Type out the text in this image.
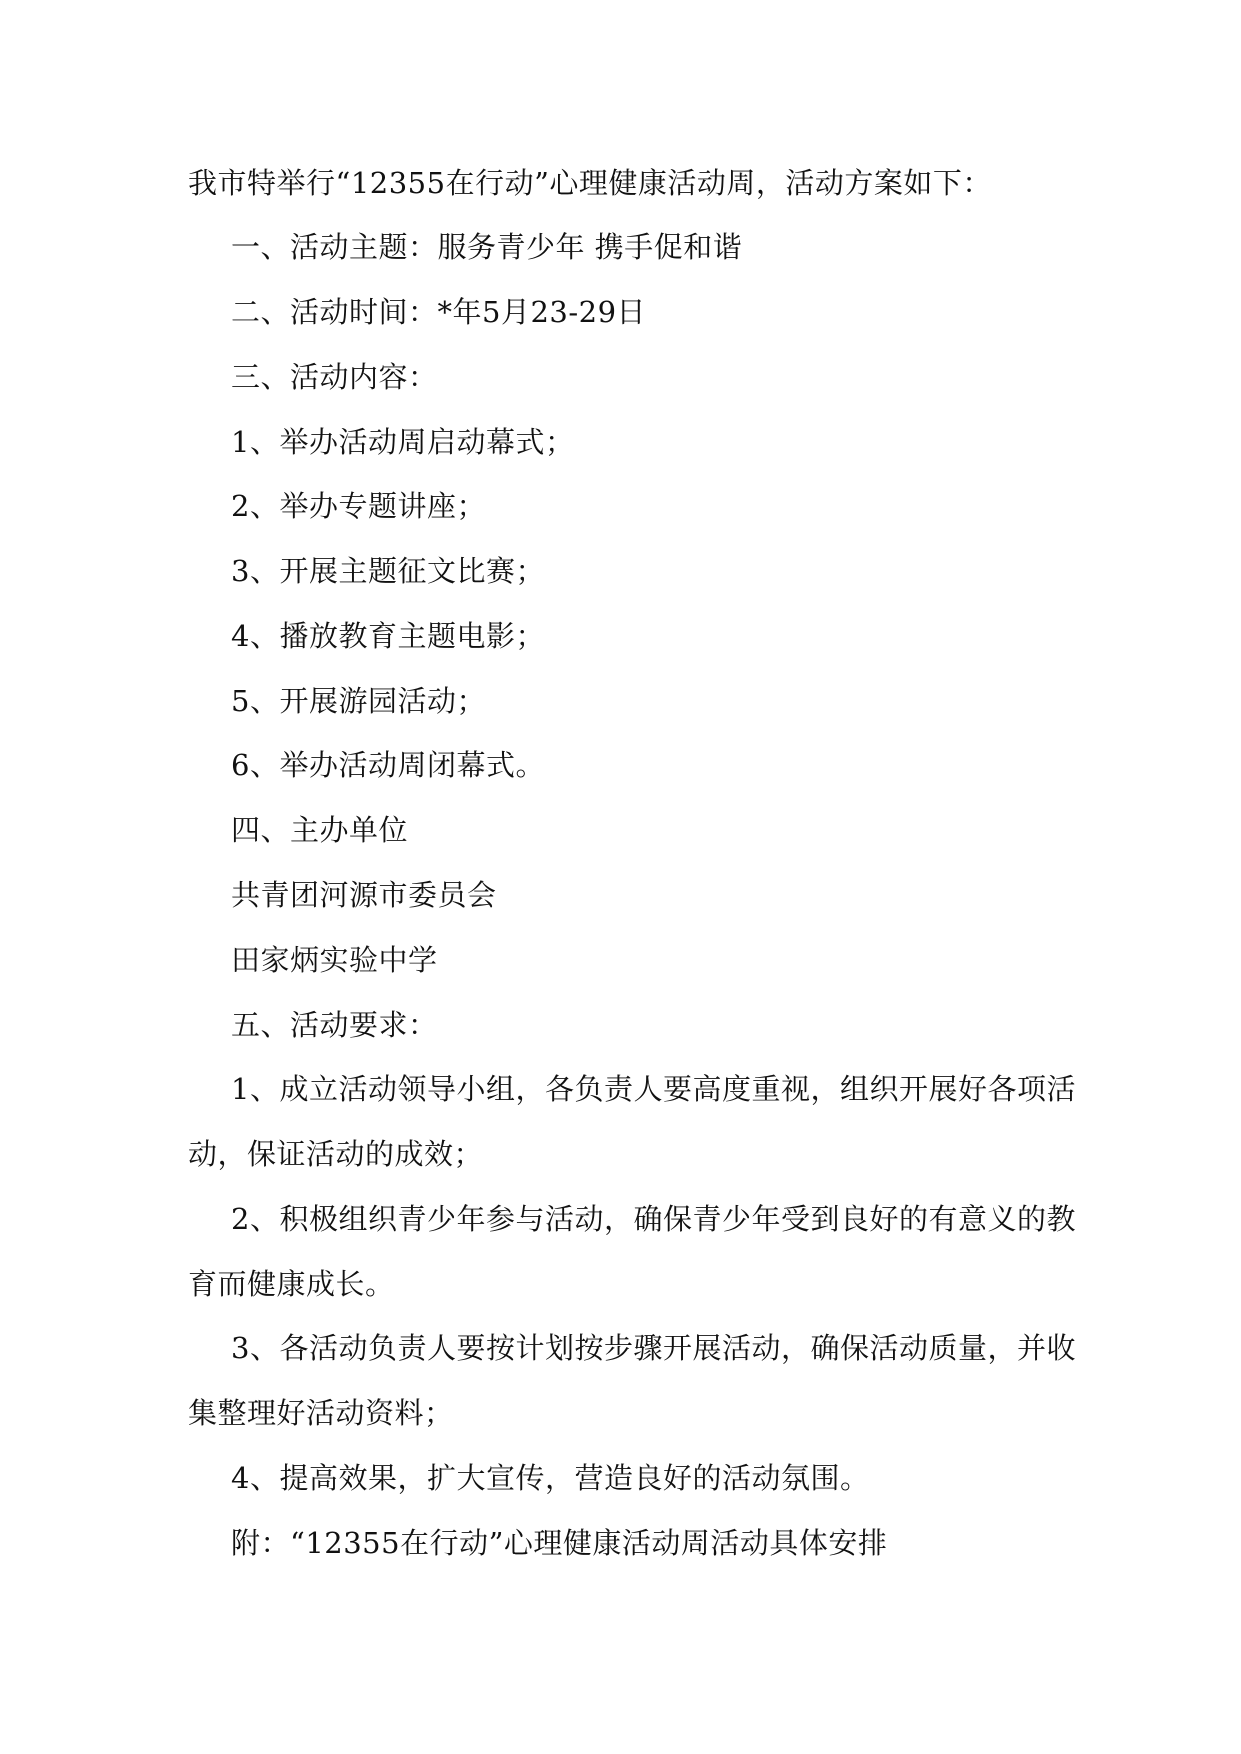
我市特举行“12355在行动”心理健康活动周，活动方案如下：
一、活动主题：服务青少年 携手促和谐
二、活动时间：*年5月23-29日
三、活动内容：
1、举办活动周启动幕式；
2、举办专题讲座；
3、开展主题征文比赛；
4、播放教育主题电影；
5、开展游园活动；
6、举办活动周闭幕式。
四、主办单位
共青团河源市委员会
田家炳实验中学
五、活动要求：
1、成立活动领导小组，各负责人要高度重视，组织开展好各项活
动，保证活动的成效；
2、积极组织青少年参与活动，确保青少年受到良好的有意义的教
育而健康成长。
3、各活动负责人要按计划按步骤开展活动，确保活动质量，并收
集整理好活动资料；
4、提高效果，扩大宣传，营造良好的活动氛围。
附：“12355在行动”心理健康活动周活动具体安排
